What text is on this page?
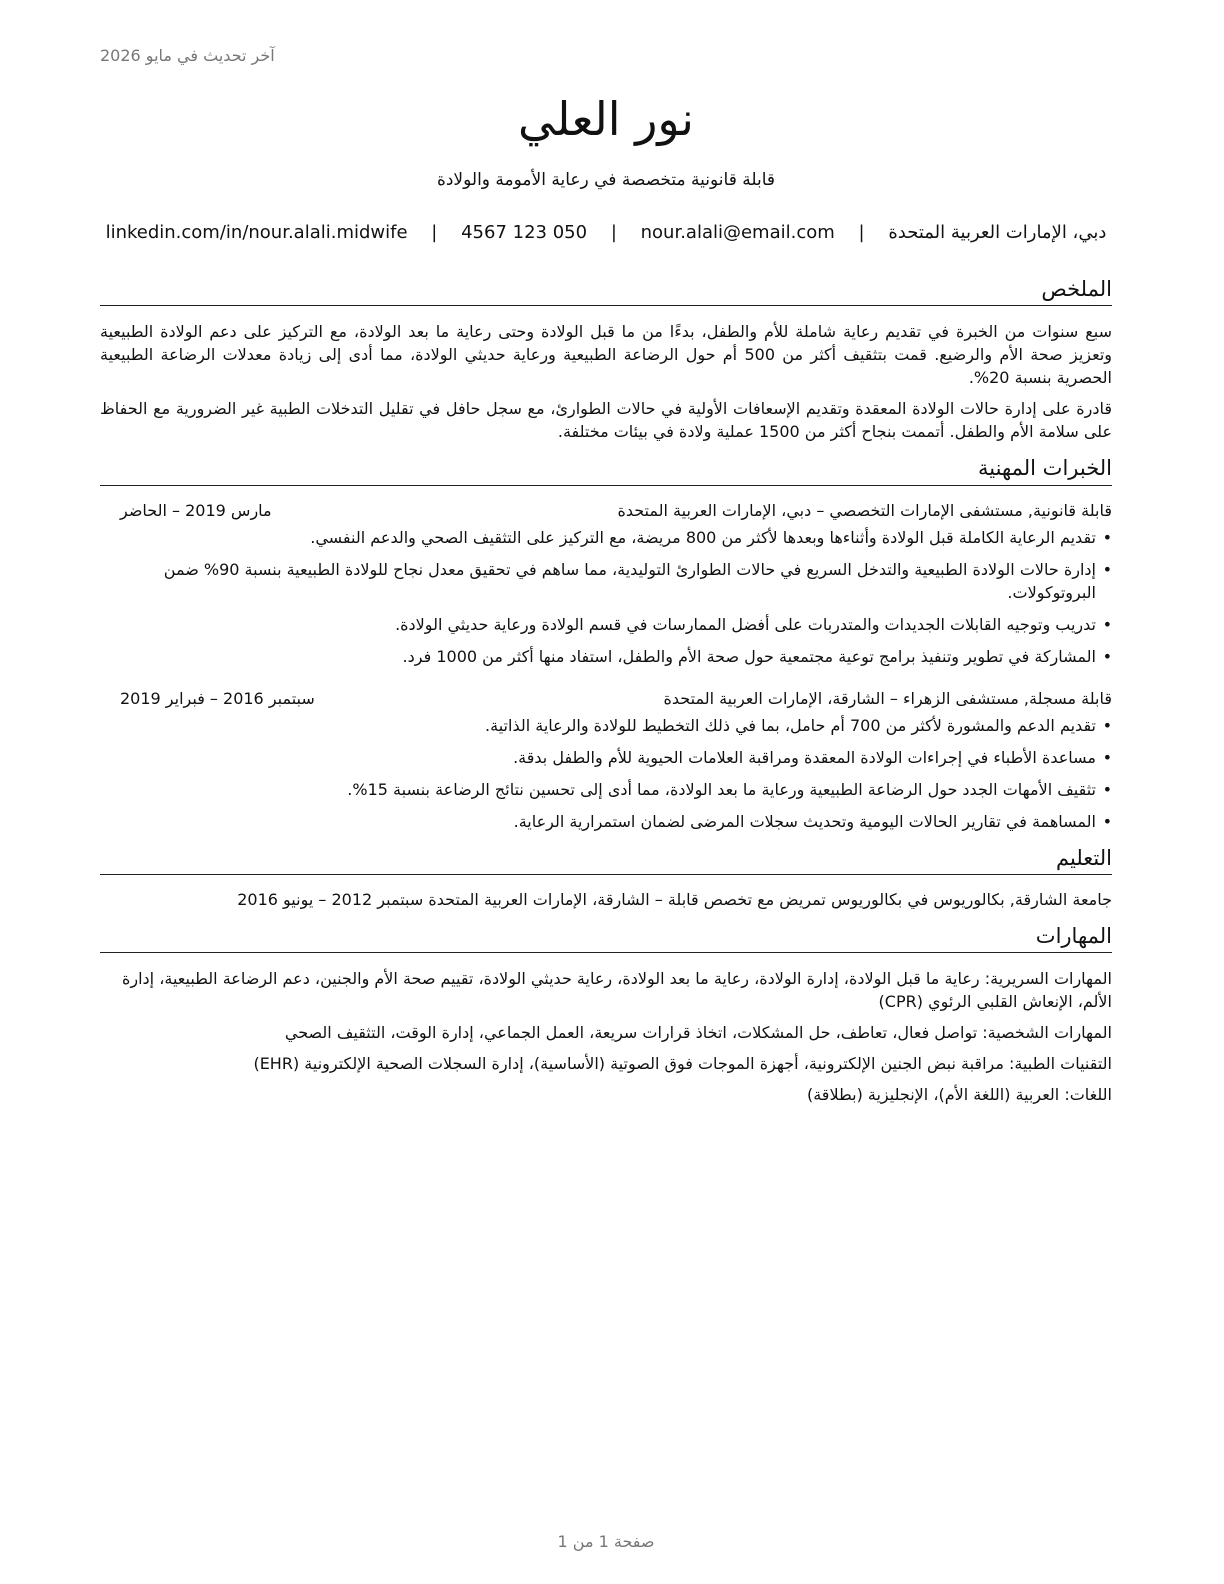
آخر تحديث في مايو 2026
نور العلي
قابلة قانونية متخصصة في رعاية الأمومة والولادة
دبي، الإمارات العربية المتحدة | nour.alali@email.com | 4567 123 050 | linkedin.com/in/nour.alali.midwife
الملخص

سبع سنوات من الخبرة في تقديم رعاية شاملة للأم والطفل، بدءًا من ما قبل الولادة وحتى رعاية ما بعد الولادة، مع التركيز على دعم الولادة الطبيعية وتعزيز صحة الأم والرضيع. قمت بتثقيف أكثر من 500 أم حول الرضاعة الطبيعية ورعاية حديثي الولادة، مما أدى إلى زيادة معدلات الرضاعة الطبيعية الحصرية بنسبة 20%.

قادرة على إدارة حالات الولادة المعقدة وتقديم الإسعافات الأولية في حالات الطوارئ، مع سجل حافل في تقليل التدخلات الطبية غير الضرورية مع الحفاظ على سلامة الأم والطفل. أتممت بنجاح أكثر من 1500 عملية ولادة في بيئات مختلفة.

الخبرات المهنية
قابلة قانونية, مستشفى الإمارات التخصصي – دبي، الإمارات العربية المتحدة
مارس 2019 – الحاضر
• تقديم الرعاية الكاملة قبل الولادة وأثناءها وبعدها لأكثر من 800 مريضة، مع التركيز على التثقيف الصحي والدعم النفسي.
• إدارة حالات الولادة الطبيعية والتدخل السريع في حالات الطوارئ التوليدية، مما ساهم في تحقيق معدل نجاح للولادة الطبيعية بنسبة 90% ضمن البروتوكولات.
• تدريب وتوجيه القابلات الجديدات والمتدربات على أفضل الممارسات في قسم الولادة ورعاية حديثي الولادة.
• المشاركة في تطوير وتنفيذ برامج توعية مجتمعية حول صحة الأم والطفل، استفاد منها أكثر من 1000 فرد.
قابلة مسجلة, مستشفى الزهراء – الشارقة، الإمارات العربية المتحدة
سبتمبر 2016 – فبراير 2019
• تقديم الدعم والمشورة لأكثر من 700 أم حامل، بما في ذلك التخطيط للولادة والرعاية الذاتية.
• مساعدة الأطباء في إجراءات الولادة المعقدة ومراقبة العلامات الحيوية للأم والطفل بدقة.
• تثقيف الأمهات الجدد حول الرضاعة الطبيعية ورعاية ما بعد الولادة، مما أدى إلى تحسين نتائج الرضاعة بنسبة 15%.
• المساهمة في تقارير الحالات اليومية وتحديث سجلات المرضى لضمان استمرارية الرعاية.
التعليم

جامعة الشارقة, بكالوريوس في بكالوريوس تمريض مع تخصص قابلة – الشارقة، الإمارات العربية المتحدة سبتمبر 2012 – يونيو 2016

المهارات

المهارات السريرية: رعاية ما قبل الولادة، إدارة الولادة، رعاية ما بعد الولادة، رعاية حديثي الولادة، تقييم صحة الأم والجنين، دعم الرضاعة الطبيعية، إدارة الألم، الإنعاش القلبي الرئوي (CPR)

المهارات الشخصية: تواصل فعال، تعاطف، حل المشكلات، اتخاذ قرارات سريعة، العمل الجماعي، إدارة الوقت، التثقيف الصحي

التقنيات الطبية: مراقبة نبض الجنين الإلكترونية، أجهزة الموجات فوق الصوتية (الأساسية)، إدارة السجلات الصحية الإلكترونية (EHR)

اللغات: العربية (اللغة الأم)، الإنجليزية (بطلاقة)

صفحة 1 من 1
